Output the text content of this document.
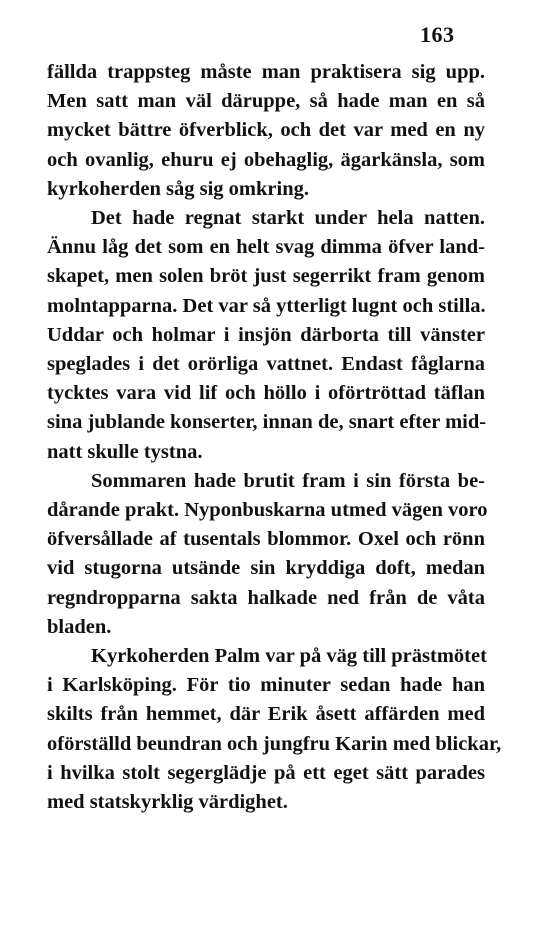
163

fällda trappsteg måste man praktisera sig upp.
Men satt man väl däruppe, så hade man en så
mycket bättre öfverblick, och det var med en ny
och ovanlig, ehuru ej obehaglig, ägarkänsla, som
kyrkoherden såg sig omkring.

Det hade regnat starkt under hela natten.
Ännu låg det som en helt svag dimma öfver land-
skapet, men solen bröt just segerrikt fram genom
molntapparna. Det var så ytterligt lugnt och stilla.
Uddar och holmar i insjön därborta till vänster
speglades i det orörliga vattnet. Endast fåglarna
tycktes vara vid lif och höllo i oförtröttad täflan
sina jublande konserter, innan de, snart efter mid-
natt skulle tystna.

Sommaren hade brutit fram i sin första be-
dårande prakt. Nyponbuskarna utmed vägen voro
öfversållade af tusentals blommor. Oxel och rönn
vid stugorna utsände sin kryddiga doft, medan
regndropparna sakta halkade ned från de våta
bladen.

Kyrkoherden Palm var på väg till prästmötet
i Karlsköping. För tio minuter sedan hade han
skilts från hemmet, där Erik åsett affärden med
oförställd beundran och jungfru Karin med blickar,
i hvilka stolt segerglädje på ett eget sätt parades
med statskyrklig värdighet.
